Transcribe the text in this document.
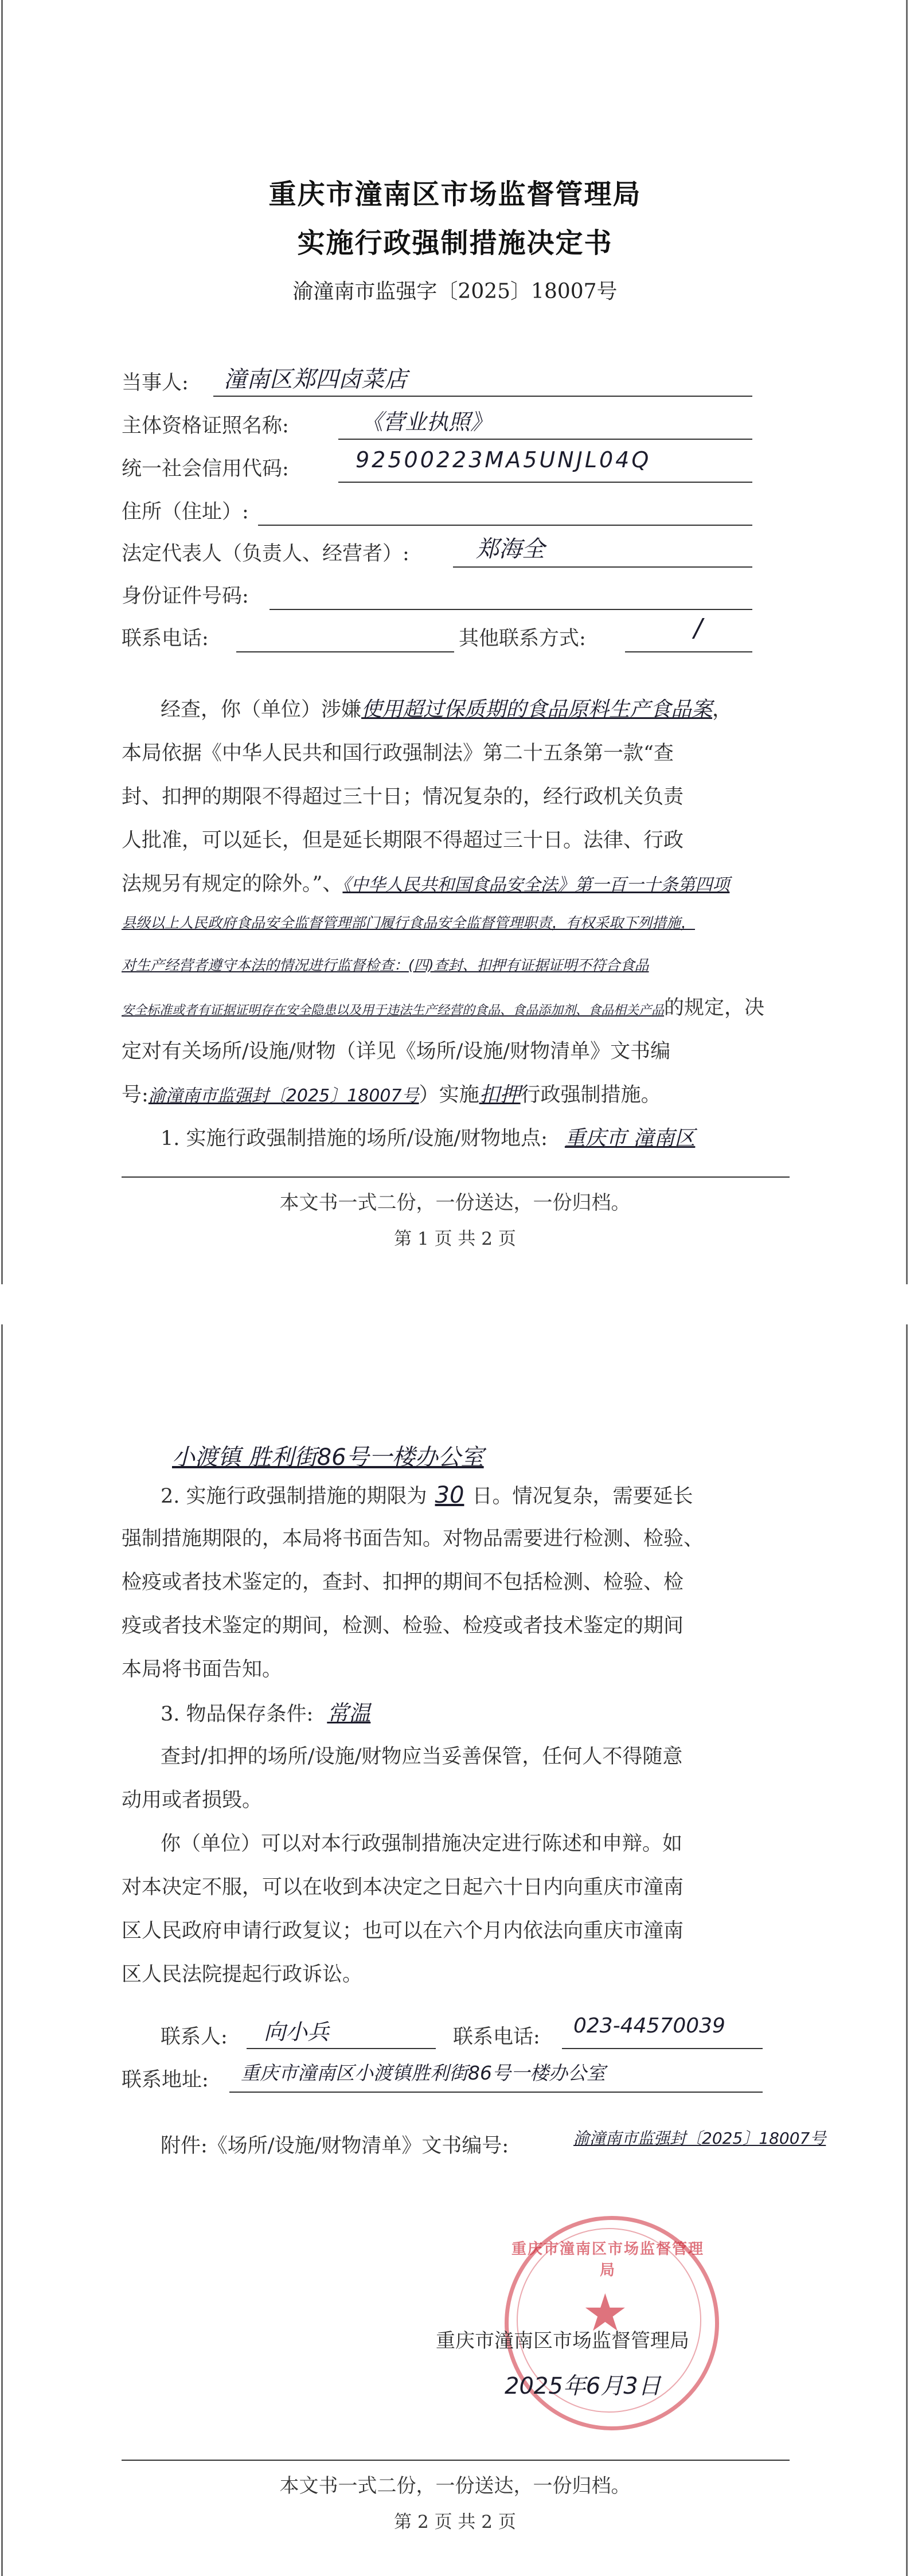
重庆市潼南区市场监督管理局
实施行政强制措施决定书
渝潼南市监强字〔2025〕18007号
当事人: 潼南区郑四卤菜店
主体资格证照名称:	《营业执照》
统一社会信用代码:	92500223MA5UNJL04Q
住所（住址）:
法定代表人（负责人、经营者）:	郑海全
身份证件号码:
联系电话:	其他联系方式:	/
经查，你（单位）涉嫌使用超过保质期的食品原料生产食品案，
本局依据《中华人民共和国行政强制法》第二十五条第一款“查
封、扣押的期限不得超过三十日；情况复杂的，经行政机关负责
人批准，可以延长，但是延长期限不得超过三十日。法律、行政
法规另有规定的除外。”、《中华人民共和国食品安全法》第一百一十条第四项
县级以上人民政府食品安全监督管理部门履行食品安全监督管理职责，有权采取下列措施，
对生产经营者遵守本法的情况进行监督检查：(四)查封、扣押有证据证明不符合食品
安全标准或者有证据证明存在安全隐患以及用于违法生产经营的食品、食品添加剂、食品相关产品的规定，决
定对有关场所/设施/财物（详见《场所/设施/财物清单》文书编
号:渝潼南市监强封〔2025〕18007号）实施扣押行政强制措施。
1. 实施行政强制措施的场所/设施/财物地点: 重庆市 潼南区
本文书一式二份，一份送达，一份归档。
第 1 页 共 2 页
小渡镇 胜利街86号一楼办公室
2. 实施行政强制措施的期限为 30 日。情况复杂，需要延长
强制措施期限的，本局将书面告知。对物品需要进行检测、检验、
检疫或者技术鉴定的，查封、扣押的期间不包括检测、检验、检
疫或者技术鉴定的期间，检测、检验、检疫或者技术鉴定的期间
本局将书面告知。
3. 物品保存条件: 常温
查封/扣押的场所/设施/财物应当妥善保管，任何人不得随意
动用或者损毁。
你（单位）可以对本行政强制措施决定进行陈述和申辩。如
对本决定不服，可以在收到本决定之日起六十日内向重庆市潼南
区人民政府申请行政复议；也可以在六个月内依法向重庆市潼南
区人民法院提起行政诉讼。
联系人: 向小兵	联系电话: 023-44570039
联系地址: 重庆市潼南区小渡镇胜利街86号一楼办公室
附件:《场所/设施/财物清单》文书编号:	渝潼南市监强封〔2025〕18007号
重庆市潼南区市场监督管理局
★
重庆市潼南区市场监督管理局
2025年6月3日
本文书一式二份，一份送达，一份归档。
第 2 页 共 2 页
